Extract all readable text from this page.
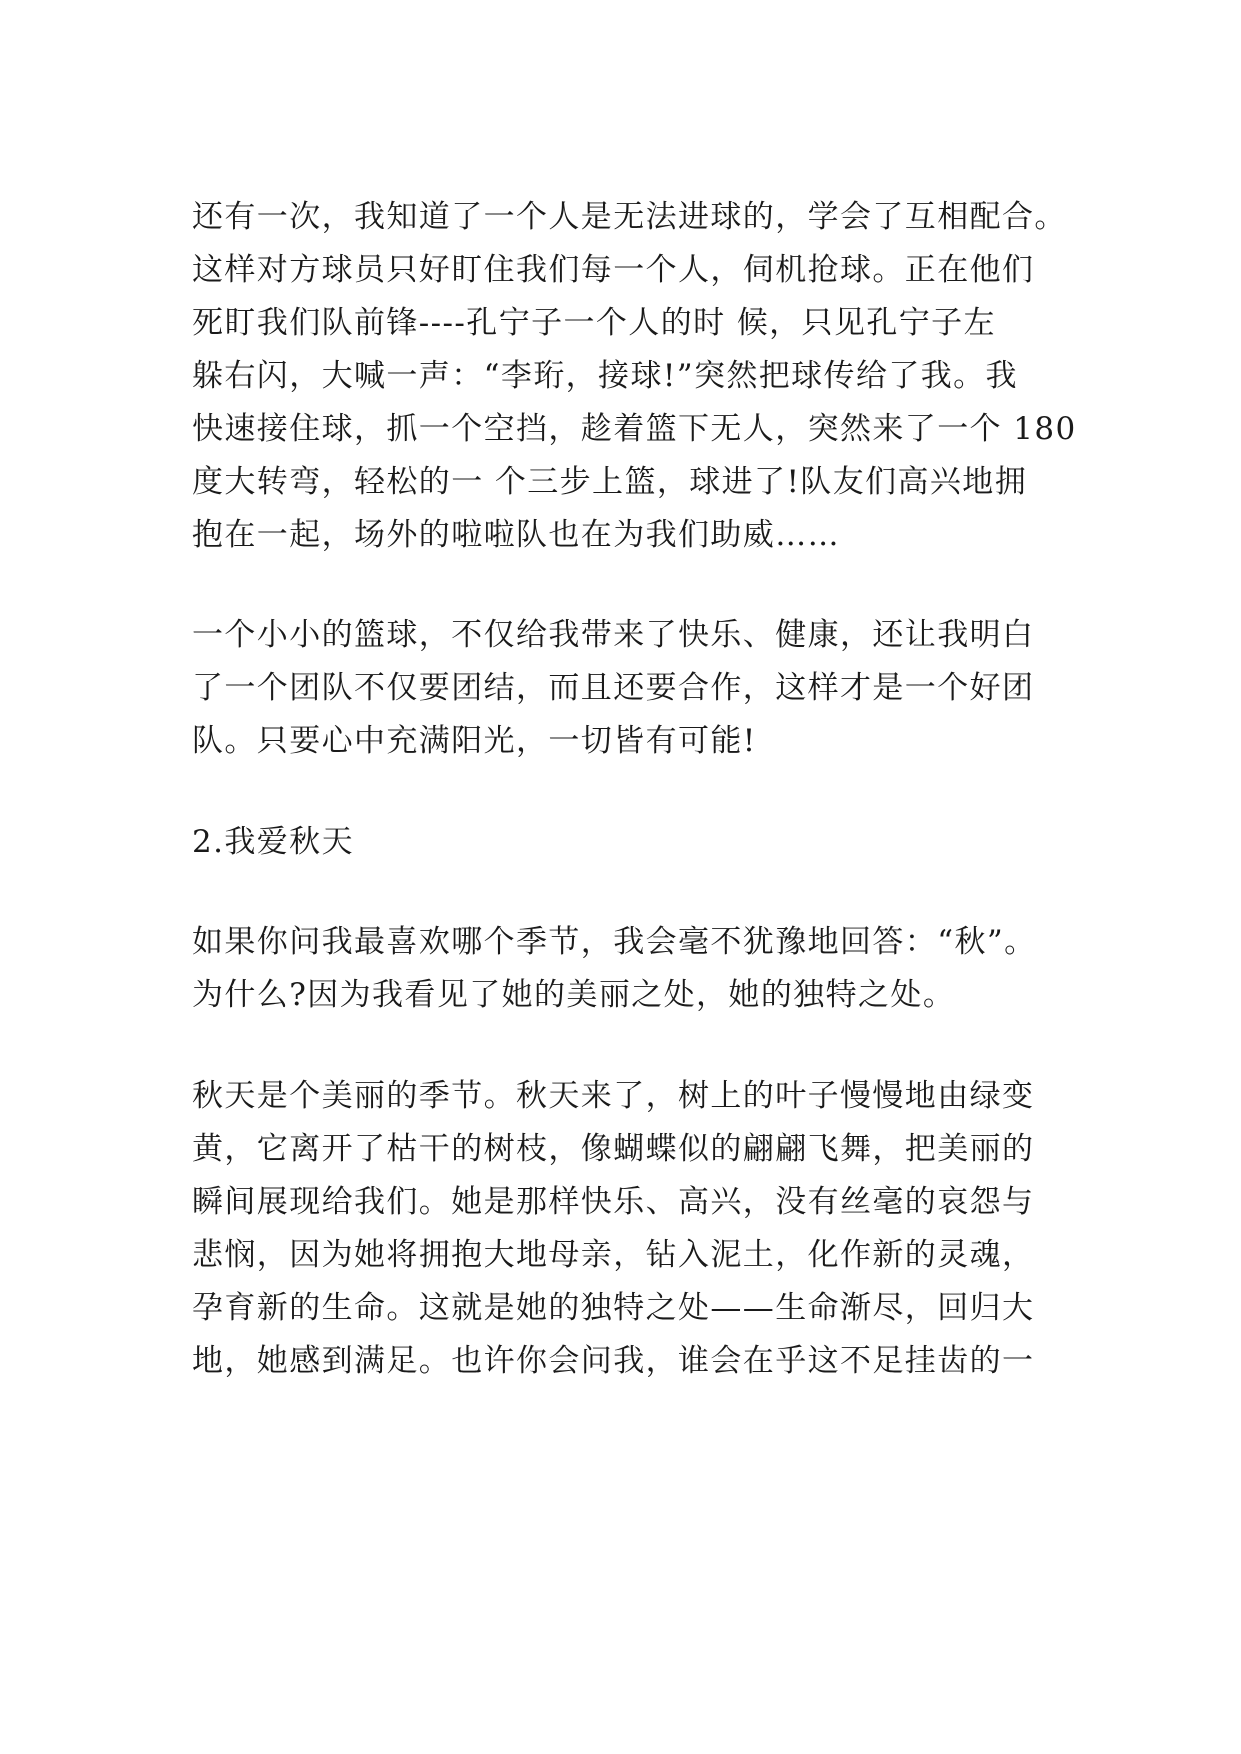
还有一次，我知道了一个人是无法进球的，学会了互相配合。
这样对方球员只好盯住我们每一个人，伺机抢球。正在他们
死盯我们队前锋----孔宁子一个人的时 候，只见孔宁子左
躲右闪，大喊一声：“李珩，接球!”突然把球传给了我。我
快速接住球，抓一个空挡，趁着篮下无人，突然来了一个 180
度大转弯，轻松的一 个三步上篮，球进了!队友们高兴地拥
抱在一起，场外的啦啦队也在为我们助威……
一个小小的篮球，不仅给我带来了快乐、健康，还让我明白
了一个团队不仅要团结，而且还要合作，这样才是一个好团
队。只要心中充满阳光，一切皆有可能!
2.我爱秋天
如果你问我最喜欢哪个季节，我会毫不犹豫地回答：“秋”。
为什么?因为我看见了她的美丽之处，她的独特之处。
秋天是个美丽的季节。秋天来了，树上的叶子慢慢地由绿变
黄，它离开了枯干的树枝，像蝴蝶似的翩翩飞舞，把美丽的
瞬间展现给我们。她是那样快乐、高兴，没有丝毫的哀怨与
悲悯，因为她将拥抱大地母亲，钻入泥土，化作新的灵魂，
孕育新的生命。这就是她的独特之处——生命渐尽，回归大
地，她感到满足。也许你会问我，谁会在乎这不足挂齿的一
